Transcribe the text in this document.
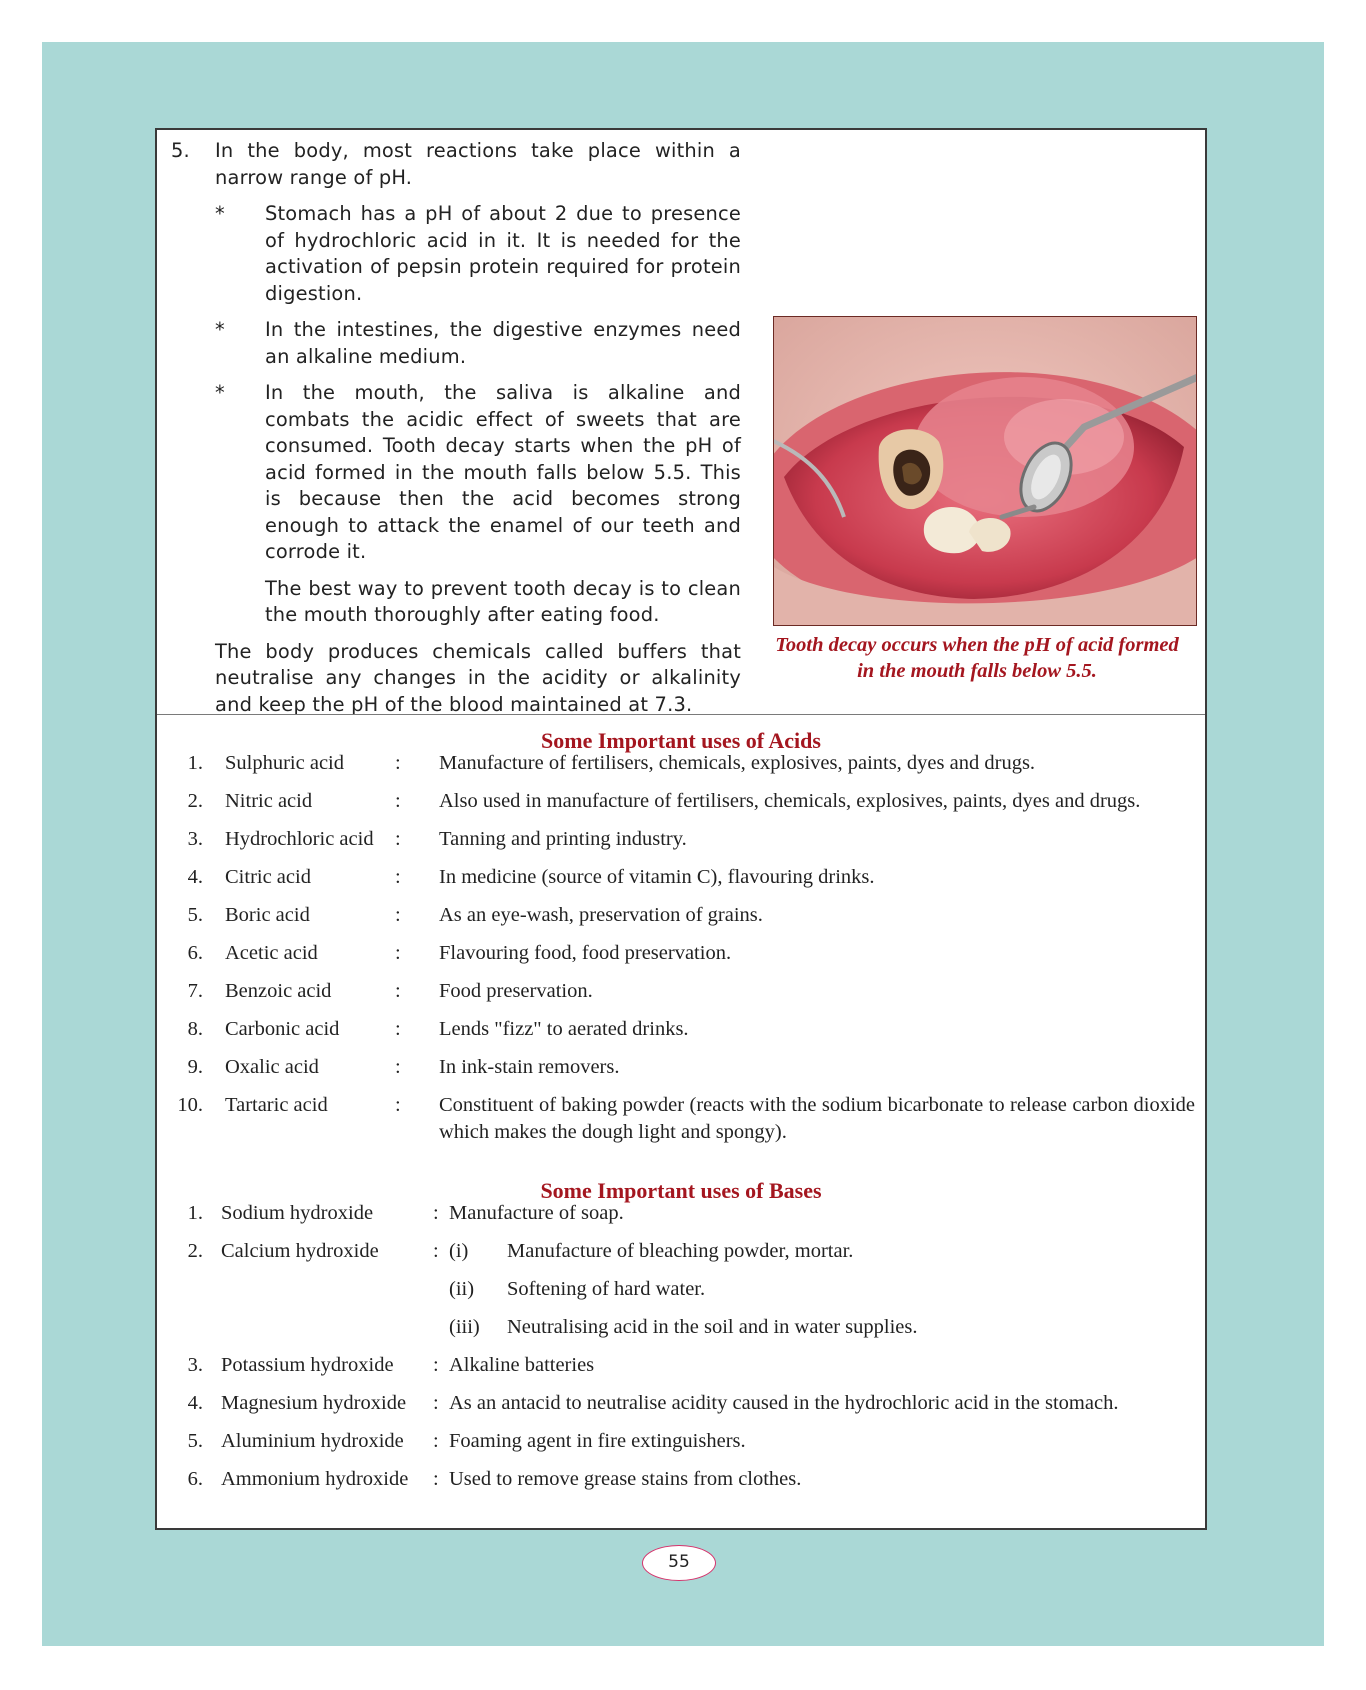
5.	In the body, most reactions take place within a narrow range of pH.
*	Stomach has a pH of about 2 due to presence of hydrochloric acid in it. It is needed for the activation of pepsin protein required for protein digestion.
*	In the intestines, the digestive enzymes need an alkaline medium.
*	In the mouth, the saliva is alkaline and combats the acidic effect of sweets that are consumed. Tooth decay starts when the pH of acid formed in the mouth falls below 5.5. This is because then the acid becomes strong enough to attack the enamel of our teeth and corrode it.
The best way to prevent tooth decay is to clean the mouth thoroughly after eating food.
The body produces chemicals called buffers that neutralise any changes in the acidity or alkalinity and keep the pH of the blood maintained at 7.3.
Tooth decay occurs when the pH of acid formed
in the mouth falls below 5.5.
Some Important uses of Acids
1. Sulphuric acid : Manufacture of fertilisers, chemicals, explosives, paints, dyes and drugs.
2. Nitric acid	: Also used in manufacture of fertilisers, chemicals, explosives, paints, dyes and drugs.
3. Hydrochloric acid : Tanning and printing industry.
4. Citric acid	: In medicine (source of vitamin C), flavouring drinks.
5. Boric acid	: As an eye-wash, preservation of grains.
6. Acetic acid	: Flavouring food, food preservation.
7. Benzoic acid	: Food preservation.
8. Carbonic acid	: Lends "fizz" to aerated drinks.
9. Oxalic acid	: In ink-stain removers.
10. Tartaric acid	: Constituent of baking powder (reacts with the sodium bicarbonate to release carbon dioxide which makes the dough light and spongy).
Some Important uses of Bases
1. Sodium hydroxide	: Manufacture of soap.
2. Calcium hydroxide	: (i) Manufacture of bleaching powder, mortar.
(ii) Softening of hard water.
(iii) Neutralising acid in the soil and in water supplies.
3. Potassium hydroxide : Alkaline batteries
4. Magnesium hydroxide : As an antacid to neutralise acidity caused in the hydrochloric acid in the stomach.
5. Aluminium hydroxide : Foaming agent in fire extinguishers.
6. Ammonium hydroxide : Used to remove grease stains from clothes.
55
